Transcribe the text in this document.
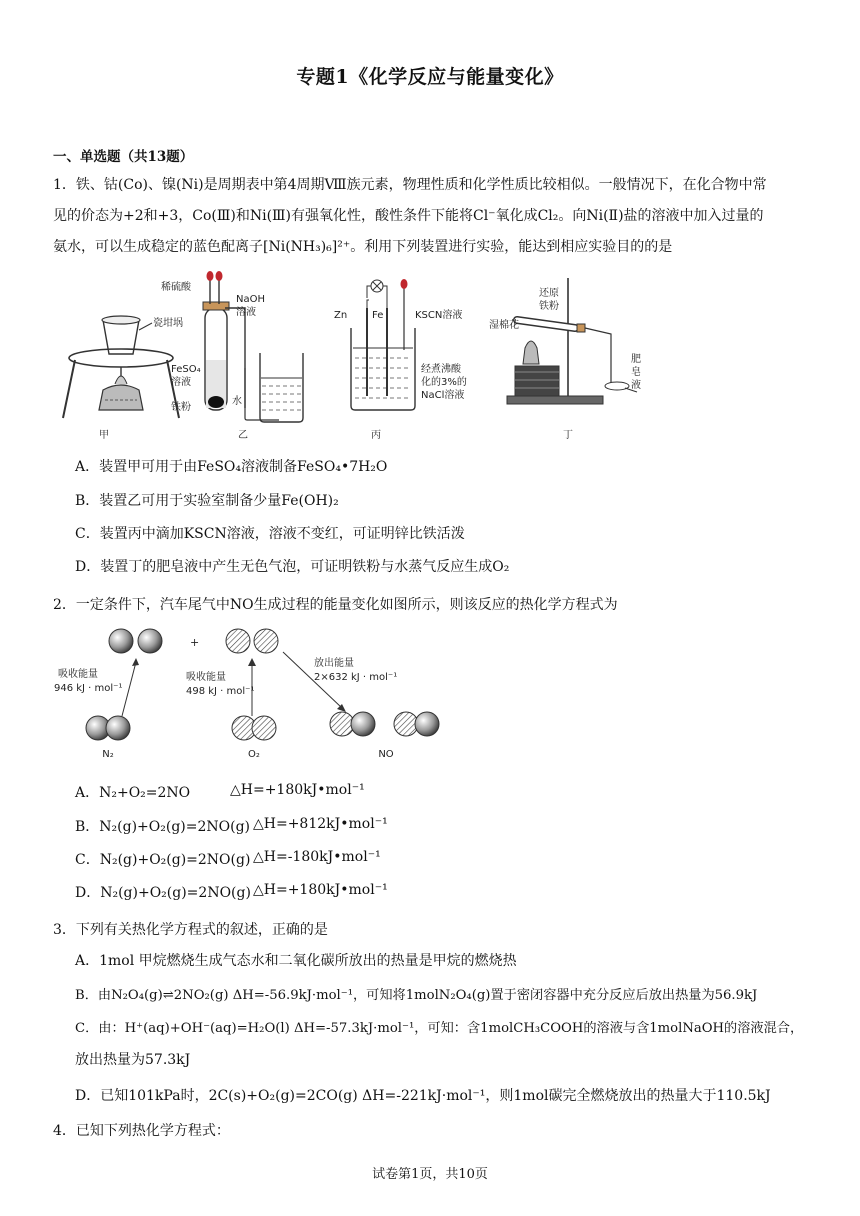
专题1《化学反应与能量变化》
一、单选题（共13题）
1．铁、钴(Co)、镍(Ni)是周期表中第4周期Ⅷ族元素，物理性质和化学性质比较相似。一般情况下，在化合物中常
见的价态为+2和+3，Co(Ⅲ)和Ni(Ⅲ)有强氧化性，酸性条件下能将Cl⁻氧化成Cl₂。向Ni(Ⅱ)盐的溶液中加入过量的
氨水，可以生成稳定的蓝色配离子[Ni(NH₃)₆]²⁺。利用下列装置进行实验，能达到相应实验目的的是
瓷坩埚
甲
稀硫酸
NaOH
溶液
FeSO₄
溶液
铁粉
水
乙
Zn Fe	KSCN溶液
经煮沸酸
化的3%的
NaCl溶液
丙
湿棉花
还原
铁粉
肥
皂
液
丁
A．装置甲可用于由FeSO₄溶液制备FeSO₄•7H₂O
B．装置乙可用于实验室制备少量Fe(OH)₂
C．装置丙中滴加KSCN溶液，溶液不变红，可证明锌比铁活泼
D．装置丁的肥皂液中产生无色气泡，可证明铁粉与水蒸气反应生成O₂
2．一定条件下，汽车尾气中NO生成过程的能量变化如图所示，则该反应的热化学方程式为
+
吸收能量
946 kJ · mol⁻¹
吸收能量
498 kJ · mol⁻¹
放出能量
2×632 kJ · mol⁻¹
N₂	O₂	NO
A．N₂+O₂=2NO	△H=+180kJ•mol⁻¹
B．N₂(g)+O₂(g)=2NO(g) △H=+812kJ•mol⁻¹
C．N₂(g)+O₂(g)=2NO(g) △H=-180kJ•mol⁻¹
D．N₂(g)+O₂(g)=2NO(g) △H=+180kJ•mol⁻¹
3．下列有关热化学方程式的叙述，正确的是
A．1mol 甲烷燃烧生成气态水和二氧化碳所放出的热量是甲烷的燃烧热
B．由N₂O₄(g)⇌2NO₂(g) ΔH=-56.9kJ·mol⁻¹，可知将1molN₂O₄(g)置于密闭容器中充分反应后放出热量为56.9kJ
C．由：H⁺(aq)+OH⁻(aq)=H₂O(l) ΔH=-57.3kJ·mol⁻¹，可知：含1molCH₃COOH的溶液与含1molNaOH的溶液混合，
放出热量为57.3kJ
D．已知101kPa时，2C(s)+O₂(g)=2CO(g) ΔH=-221kJ·mol⁻¹，则1mol碳完全燃烧放出的热量大于110.5kJ
4．已知下列热化学方程式：
试卷第1页，共10页
